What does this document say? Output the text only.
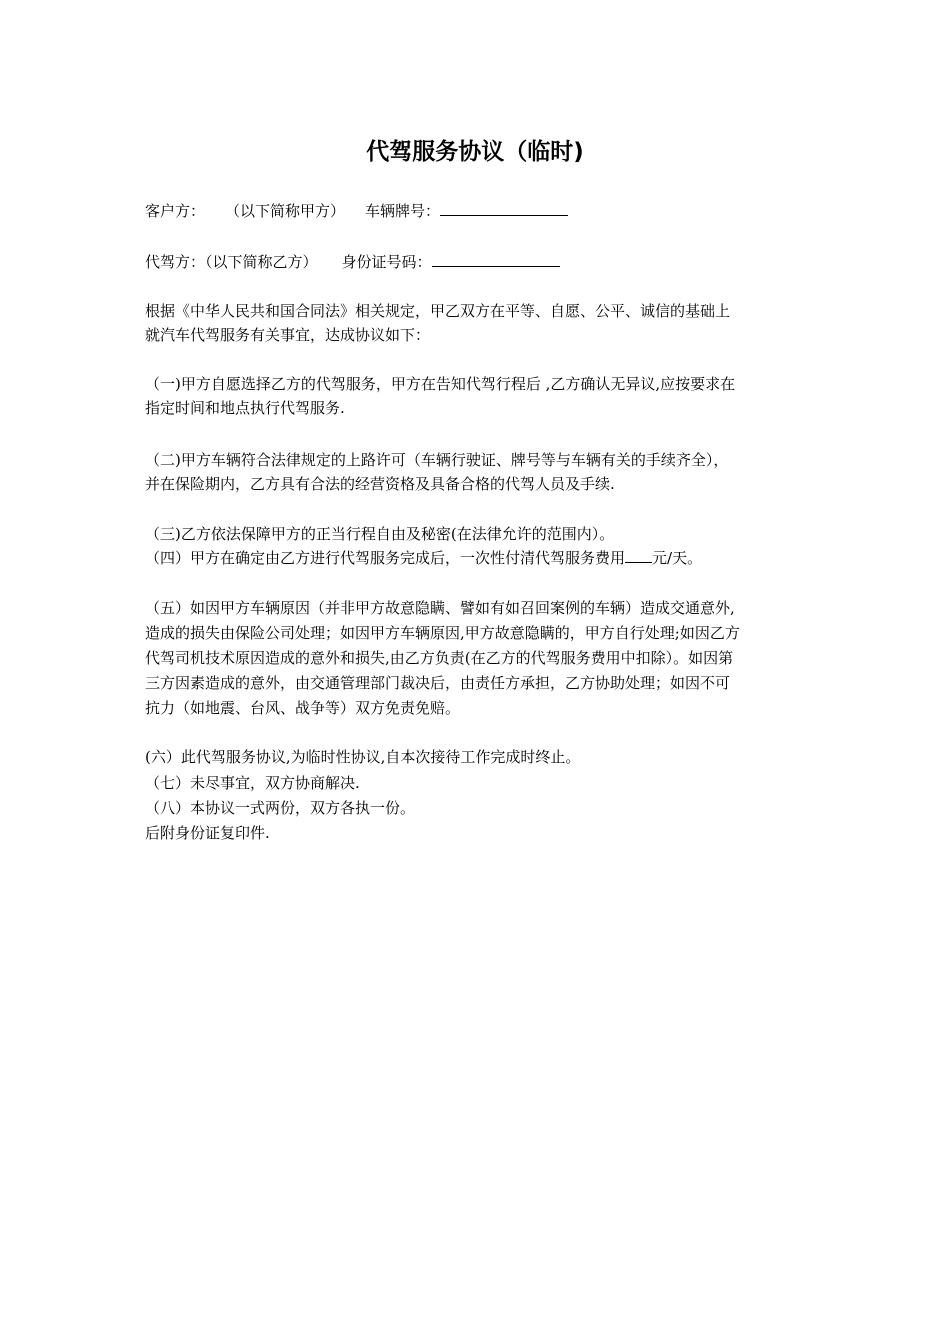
代驾服务协议（临时)
客户方： （以下简称甲方） 车辆牌号：
代驾方：（以下简称乙方） 身份证号码：
根据《中华人民共和国合同法》相关规定，甲乙双方在平等、自愿、公平、诚信的基础上
就汽车代驾服务有关事宜，达成协议如下：
（一)甲方自愿选择乙方的代驾服务，甲方在告知代驾行程后 ,乙方确认无异议,应按要求在
指定时间和地点执行代驾服务.
（二)甲方车辆符合法律规定的上路许可（车辆行驶证、牌号等与车辆有关的手续齐全），
并在保险期内，乙方具有合法的经营资格及具备合格的代驾人员及手续.
（三)乙方依法保障甲方的正当行程自由及秘密(在法律允许的范围内）。
（四）甲方在确定由乙方进行代驾服务完成后，一次性付清代驾服务费用 元/天。
（五）如因甲方车辆原因（并非甲方故意隐瞒、譬如有如召回案例的车辆）造成交通意外,
造成的损失由保险公司处理；如因甲方车辆原因,甲方故意隐瞒的，甲方自行处理;如因乙方
代驾司机技术原因造成的意外和损失,由乙方负责(在乙方的代驾服务费用中扣除）。如因第
三方因素造成的意外，由交通管理部门裁决后，由责任方承担，乙方协助处理；如因不可
抗力（如地震、台风、战争等）双方免责免赔。
(六）此代驾服务协议,为临时性协议,自本次接待工作完成时终止。
（七）未尽事宜，双方协商解决.
（八）本协议一式两份，双方各执一份。
后附身份证复印件.
